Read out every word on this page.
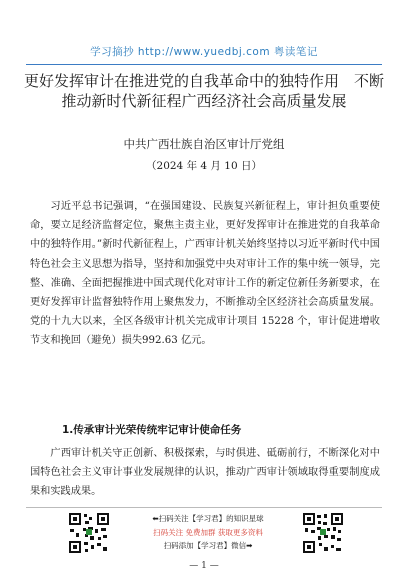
学习摘抄 http://www.yuedbj.com 粤读笔记
更好发挥审计在推进党的自我革命中的独特作用　不断推动新时代新征程广西经济社会高质量发展
中共广西壮族自治区审计厅党组
（2024 年 4 月 10 日）

习近平总书记强调，“在强国建设、民族复兴新征程上，审计担负重要使命，要立足经济监督定位，聚焦主责主业，更好发挥审计在推进党的自我革命中的独特作用。”新时代新征程上，广西审计机关始终坚持以习近平新时代中国特色社会主义思想为指导，坚持和加强党中央对审计工作的集中统一领导，完整、准确、全面把握推进中国式现代化对审计工作的新定位新任务新要求，在更好发挥审计监督独特作用上聚焦发力，不断推动全区经济社会高质量发展。党的十九大以来，全区各级审计机关完成审计项目 15228 个，审计促进增收节支和挽回（避免）损失992.63 亿元。

1.传承审计光荣传统牢记审计使命任务

广西审计机关守正创新、积极探索，与时俱进、砥砺前行，不断深化对中国特色社会主义审计事业发展规律的认识，推动广西审计领域取得重要制度成果和实践成果。

⬅扫码关注【学习君】的知识星球
扫码关注 免费加群 获取更多资料
扫码添加【学习君】微信➡
— 1 —
